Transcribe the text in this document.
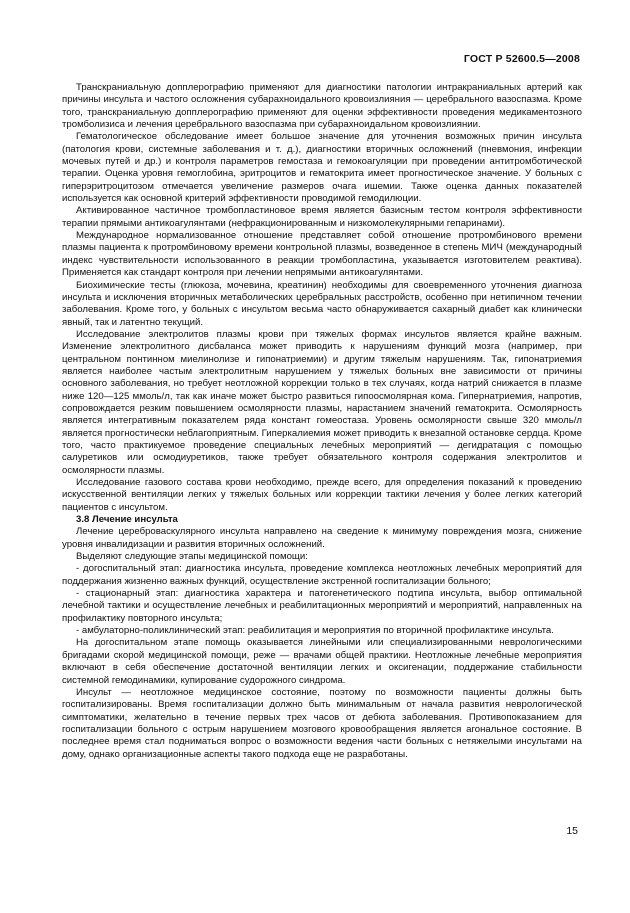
ГОСТ Р 52600.5—2008

Транскраниальную допплерографию применяют для диагностики патологии интракраниальных артерий как причины инсульта и частого осложнения субарахноидального кровоизлияния — церебрального вазоспазма. Кроме того, транскраниальную допплерографию применяют для оценки эффективности проведения медикаментозного тромболизиса и лечения церебрального вазоспазма при субарахноидальном кровоизлиянии.

Гематологическое обследование имеет большое значение для уточнения возможных причин инсульта (патология крови, системные заболевания и т. д.), диагностики вторичных осложнений (пневмония, инфекции мочевых путей и др.) и контроля параметров гемостаза и гемокоагуляции при проведении антитромботической терапии. Оценка уровня гемоглобина, эритроцитов и гематокрита имеет прогностическое значение. У больных с гиперэритроцитозом отмечается увеличение размеров очага ишемии. Также оценка данных показателей используется как основной критерий эффективности проводимой гемодилюции.

Активированное частичное тромбопластиновое время является базисным тестом контроля эффективности терапии прямыми антикоагулянтами (нефракционированным и низкомолекулярными гепаринами).

Международное нормализованное отношение представляет собой отношение протромбинового времени плазмы пациента к протромбиновому времени контрольной плазмы, возведенное в степень МИЧ (международный индекс чувствительности использованного в реакции тромбопластина, указывается изготовителем реактива). Применяется как стандарт контроля при лечении непрямыми антикоагулянтами.

Биохимические тесты (глюкоза, мочевина, креатинин) необходимы для своевременного уточнения диагноза инсульта и исключения вторичных метаболических церебральных расстройств, особенно при нетипичном течении заболевания. Кроме того, у больных с инсультом весьма часто обнаруживается сахарный диабет как клинически явный, так и латентно текущий.

Исследование электролитов плазмы крови при тяжелых формах инсультов является крайне важным. Изменение электролитного дисбаланса может приводить к нарушениям функций мозга (например, при центральном понтинном миелинолизе и гипонатриемии) и другим тяжелым нарушениям. Так, гипонатриемия является наиболее частым электролитным нарушением у тяжелых больных вне зависимости от причины основного заболевания, но требует неотложной коррекции только в тех случаях, когда натрий снижается в плазме ниже 120—125 ммоль/л, так как иначе может быстро развиться гипоосмолярная кома. Гипернатриемия, напротив, сопровождается резким повышением осмолярности плазмы, нарастанием значений гематокрита. Осмолярность является интегративным показателем ряда констант гомеостаза. Уровень осмолярности свыше 320 ммоль/л является прогностически неблагоприятным. Гиперкалиемия может приводить к внезапной остановке сердца. Кроме того, часто практикуемое проведение специальных лечебных мероприятий — дегидратация с помощью салуретиков или осмодиуретиков, также требует обязательного контроля содержания электролитов и осмолярности плазмы.

Исследование газового состава крови необходимо, прежде всего, для определения показаний к проведению искусственной вентиляции легких у тяжелых больных или коррекции тактики лечения у более легких категорий пациентов с инсультом.

3.8 Лечение инсульта

Лечение цереброваскулярного инсульта направлено на сведение к минимуму повреждения мозга, снижение уровня инвалидизации и развития вторичных осложнений.

Выделяют следующие этапы медицинской помощи:

- догоспитальный этап: диагностика инсульта, проведение комплекса неотложных лечебных мероприятий для поддержания жизненно важных функций, осуществление экстренной госпитализации больного;

- стационарный этап: диагностика характера и патогенетического подтипа инсульта, выбор оптимальной лечебной тактики и осуществление лечебных и реабилитационных мероприятий и мероприятий, направленных на профилактику повторного инсульта;

- амбулаторно-поликлинический этап: реабилитация и мероприятия по вторичной профилактике инсульта.

На догоспитальном этапе помощь оказывается линейными или специализированными неврологическими бригадами скорой медицинской помощи, реже — врачами общей практики. Неотложные лечебные мероприятия включают в себя обеспечение достаточной вентиляции легких и оксигенации, поддержание стабильности системной гемодинамики, купирование судорожного синдрома.

Инсульт — неотложное медицинское состояние, поэтому по возможности пациенты должны быть госпитализированы. Время госпитализации должно быть минимальным от начала развития неврологической симптоматики, желательно в течение первых трех часов от дебюта заболевания. Противопоказанием для госпитализации больного с острым нарушением мозгового кровообращения является агональное состояние. В последнее время стал подниматься вопрос о возможности ведения части больных с нетяжелыми инсультами на дому, однако организационные аспекты такого подхода еще не разработаны.

15
